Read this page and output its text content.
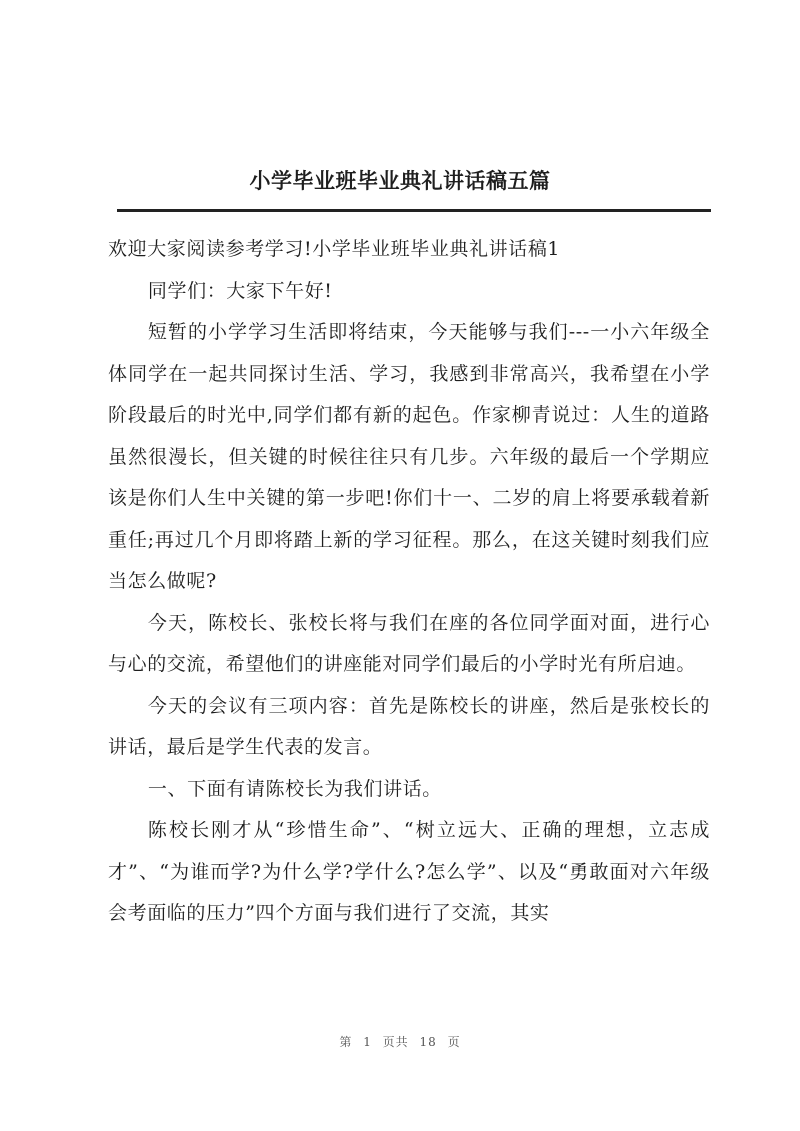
小学毕业班毕业典礼讲话稿五篇

欢迎大家阅读参考学习!小学毕业班毕业典礼讲话稿1

同学们：大家下午好!

短暂的小学学习生活即将结束，今天能够与我们---一小六年级全体同学在一起共同探讨生活、学习，我感到非常高兴，我希望在小学阶段最后的时光中,同学们都有新的起色。作家柳青说过：人生的道路虽然很漫长，但关键的时候往往只有几步。六年级的最后一个学期应该是你们人生中关键的第一步吧!你们十一、二岁的肩上将要承载着新重任;再过几个月即将踏上新的学习征程。那么，在这关键时刻我们应当怎么做呢?

今天，陈校长、张校长将与我们在座的各位同学面对面，进行心与心的交流，希望他们的讲座能对同学们最后的小学时光有所启迪。

今天的会议有三项内容：首先是陈校长的讲座，然后是张校长的讲话，最后是学生代表的发言。

一、下面有请陈校长为我们讲话。

陈校长刚才从“珍惜生命”、“树立远大、正确的理想，立志成才”、“为谁而学?为什么学?学什么?怎么学”、以及“勇敢面对六年级会考面临的压力”四个方面与我们进行了交流，其实

第 1 页共 18 页
